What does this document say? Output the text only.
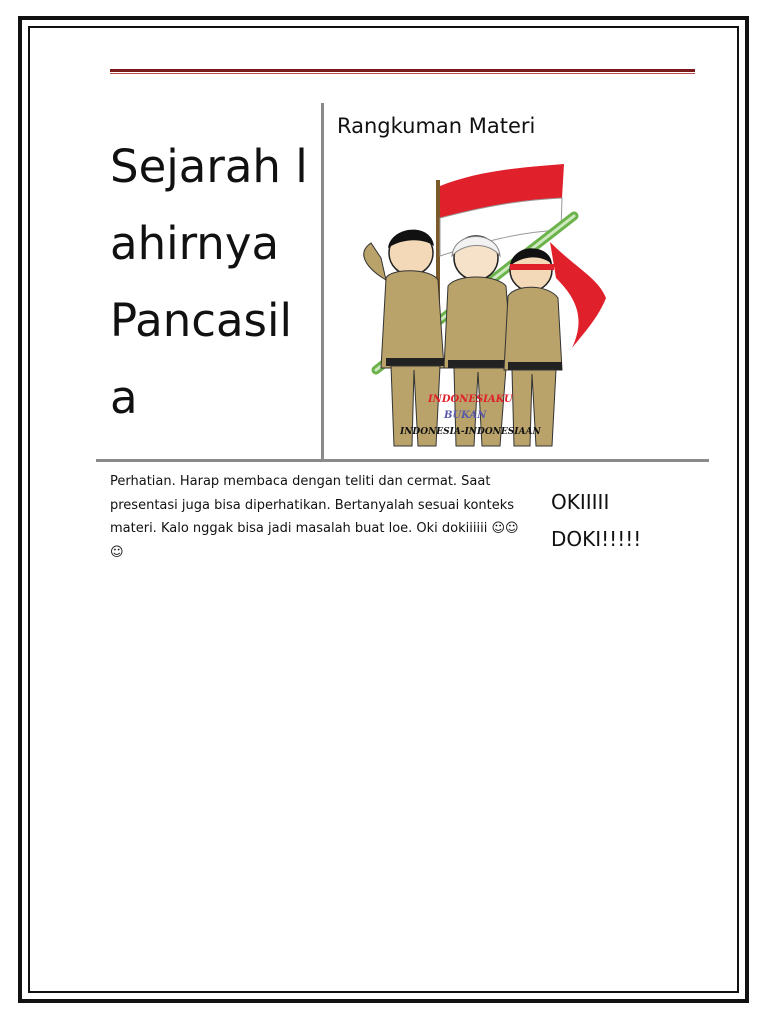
Sejarah lahirnya Pancasila
Rangkuman Materi
INDONESIAKU
BUKAN
INDONESIA-INDONESIAAN

Perhatian. Harap membaca dengan teliti dan cermat. Saat presentasi juga bisa diperhatikan. Bertanyalah sesuai konteks materi. Kalo nggak bisa jadi masalah buat loe. Oki dokiiiiii ☺☺☺

OKIIIII DOKI!!!!!
